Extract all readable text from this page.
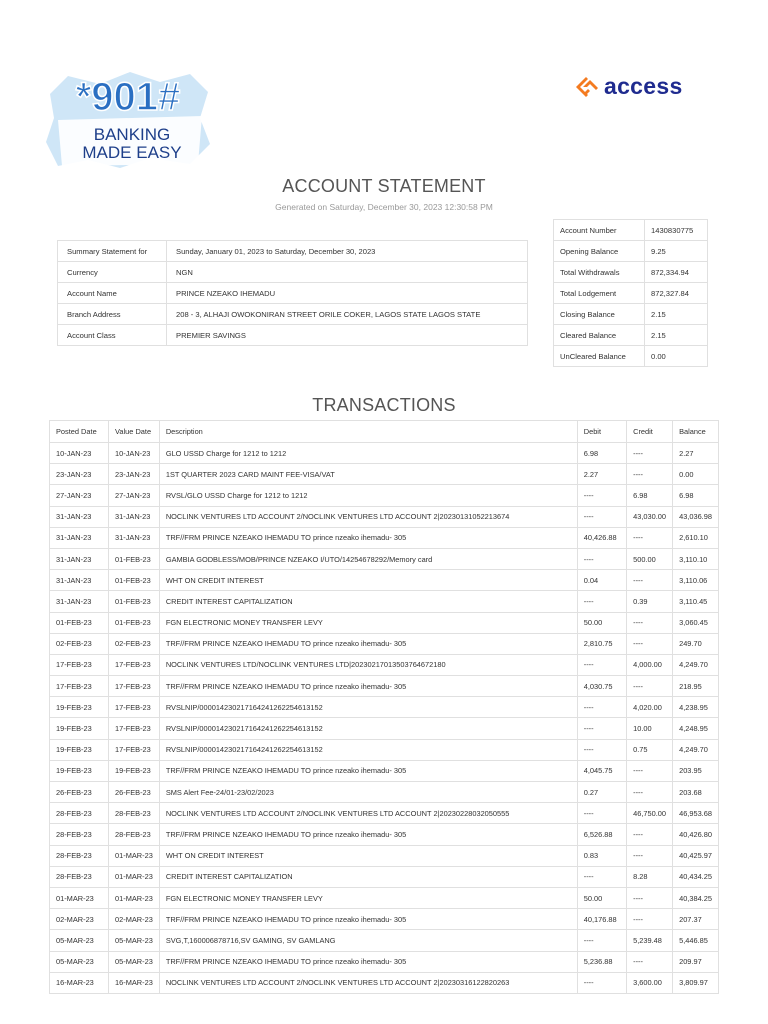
*901#
BANKING
MADE EASY
access
ACCOUNT STATEMENT
Generated on Saturday, December 30, 2023 12:30:58 PM
Summary Statement for	Sunday, January 01, 2023 to Saturday, December 30, 2023
Currency	NGN
Account Name	PRINCE NZEAKO IHEMADU
Branch Address	208 - 3, ALHAJI OWOKONIRAN STREET ORILE COKER, LAGOS STATE LAGOS STATE
Account Class	PREMIER SAVINGS
Account Number	1430830775
Opening Balance	9.25
Total Withdrawals	872,334.94
Total Lodgement	872,327.84
Closing Balance	2.15
Cleared Balance	2.15
UnCleared Balance	0.00
TRANSACTIONS
Posted Date	Value Date	Description	Debit	Credit	Balance
10-JAN-23	10-JAN-23	GLO USSD Charge for 1212 to 1212	6.98	----	2.27
23-JAN-23	23-JAN-23	1ST QUARTER 2023 CARD MAINT FEE-VISA/VAT	2.27	----	0.00
27-JAN-23	27-JAN-23	RVSL/GLO USSD Charge for 1212 to 1212	----	6.98	6.98
31-JAN-23	31-JAN-23	NOCLINK VENTURES LTD ACCOUNT 2/NOCLINK VENTURES LTD ACCOUNT 2|20230131052213674	----	43,030.00	43,036.98
31-JAN-23	31-JAN-23	TRF//FRM PRINCE NZEAKO IHEMADU TO prince nzeako ihemadu- 305	40,426.88	----	2,610.10
31-JAN-23	01-FEB-23	GAMBIA GODBLESS/MOB/PRINCE NZEAKO I/UTO/14254678292/Memory card	----	500.00	3,110.10
31-JAN-23	01-FEB-23	WHT ON CREDIT INTEREST	0.04	----	3,110.06
31-JAN-23	01-FEB-23	CREDIT INTEREST CAPITALIZATION	----	0.39	3,110.45
01-FEB-23	01-FEB-23	FGN ELECTRONIC MONEY TRANSFER LEVY	50.00	----	3,060.45
02-FEB-23	02-FEB-23	TRF//FRM PRINCE NZEAKO IHEMADU TO prince nzeako ihemadu- 305	2,810.75	----	249.70
17-FEB-23	17-FEB-23	NOCLINK VENTURES LTD/NOCLINK VENTURES LTD|20230217013503764672180	----	4,000.00	4,249.70
17-FEB-23	17-FEB-23	TRF//FRM PRINCE NZEAKO IHEMADU TO prince nzeako ihemadu- 305	4,030.75	----	218.95
19-FEB-23	17-FEB-23	RVSLNIP/000014230217164241262254613152	----	4,020.00	4,238.95
19-FEB-23	17-FEB-23	RVSLNIP/000014230217164241262254613152	----	10.00	4,248.95
19-FEB-23	17-FEB-23	RVSLNIP/000014230217164241262254613152	----	0.75	4,249.70
19-FEB-23	19-FEB-23	TRF//FRM PRINCE NZEAKO IHEMADU TO prince nzeako ihemadu- 305	4,045.75	----	203.95
26-FEB-23	26-FEB-23	SMS Alert Fee-24/01-23/02/2023	0.27	----	203.68
28-FEB-23	28-FEB-23	NOCLINK VENTURES LTD ACCOUNT 2/NOCLINK VENTURES LTD ACCOUNT 2|20230228032050555	----	46,750.00	46,953.68
28-FEB-23	28-FEB-23	TRF//FRM PRINCE NZEAKO IHEMADU TO prince nzeako ihemadu- 305	6,526.88	----	40,426.80
28-FEB-23	01-MAR-23	WHT ON CREDIT INTEREST	0.83	----	40,425.97
28-FEB-23	01-MAR-23	CREDIT INTEREST CAPITALIZATION	----	8.28	40,434.25
01-MAR-23	01-MAR-23	FGN ELECTRONIC MONEY TRANSFER LEVY	50.00	----	40,384.25
02-MAR-23	02-MAR-23	TRF//FRM PRINCE NZEAKO IHEMADU TO prince nzeako ihemadu- 305	40,176.88	----	207.37
05-MAR-23	05-MAR-23	SVG,T,160006878716,SV GAMING, SV GAMLANG	----	5,239.48	5,446.85
05-MAR-23	05-MAR-23	TRF//FRM PRINCE NZEAKO IHEMADU TO prince nzeako ihemadu- 305	5,236.88	----	209.97
16-MAR-23	16-MAR-23	NOCLINK VENTURES LTD ACCOUNT 2/NOCLINK VENTURES LTD ACCOUNT 2|20230316122820263	----	3,600.00	3,809.97
